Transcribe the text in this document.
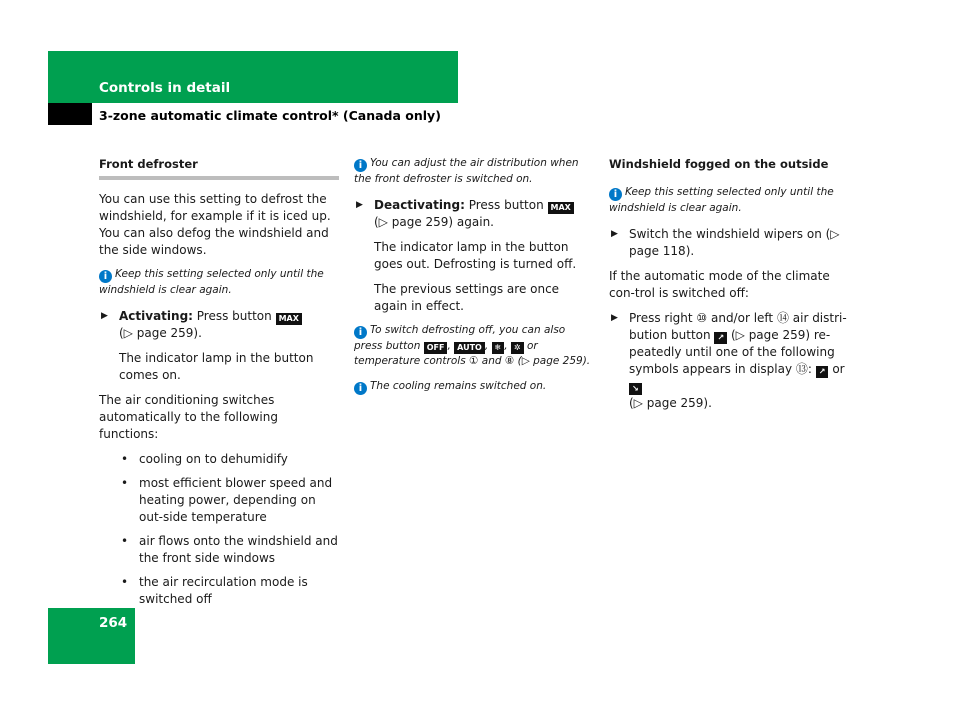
Controls in detail
3-zone automatic climate control* (Canada only)
Front defroster

You can use this setting to defrost the windshield, for example if it is iced up. You can also defog the windshield and the side windows.

i Keep this setting selected only until the windshield is clear again.

▶ Activating: Press button MAX
(▷ page 259).

The indicator lamp in the button comes on.

The air conditioning switches automatically to the following functions:

• cooling on to dehumidify
• most efficient blower speed and heating power, depending on out-side temperature
• air flows onto the windshield and the front side windows
• the air recirculation mode is switched off

i You can adjust the air distribution when the front defroster is switched on.

▶ Deactivating: Press button MAX
(▷ page 259) again.

The indicator lamp in the button goes out. Defrosting is turned off.

The previous settings are once again in effect.

i To switch defrosting off, you can also press button OFF , AUTO , ❄ , ✲ or temperature controls ① and ⑧ (▷ page 259).

i The cooling remains switched on.

Windshield fogged on the outside

i Keep this setting selected only until the windshield is clear again.

▶ Switch the windshield wipers on (▷ page 118).

If the automatic mode of the climate con-trol is switched off:

▶ Press right ⑩ and/or left ⑭ air distri-bution button ↗ (▷ page 259) re-peatedly until one of the following symbols appears in display ⑬: ↗ or ↘
(▷ page 259).
264
